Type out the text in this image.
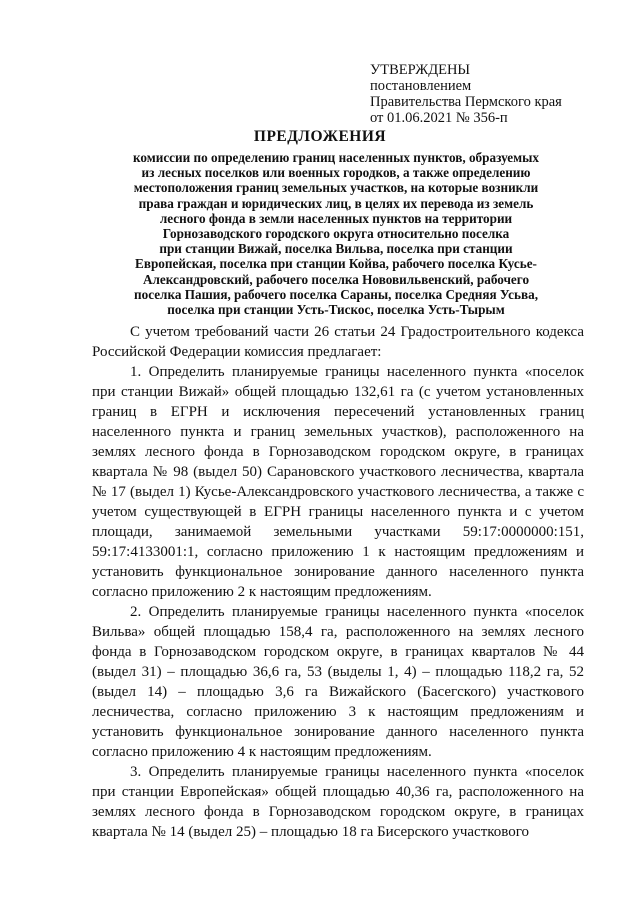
УТВЕРЖДЕНЫ
постановлением
Правительства Пермского края
от 01.06.2021 № 356-п
ПРЕДЛОЖЕНИЯ
комиссии по определению границ населенных пунктов, образуемых
из лесных поселков или военных городков, а также определению
местоположения границ земельных участков, на которые возникли
права граждан и юридических лиц, в целях их перевода из земель
лесного фонда в земли населенных пунктов на территории
Горнозаводского городского округа относительно поселка
при станции Вижай, поселка Вильва, поселка при станции
Европейская, поселка при станции Койва, рабочего поселка Кусье-
Александровский, рабочего поселка Нововильвенский, рабочего
поселка Пашия, рабочего поселка Сараны, поселка Средняя Усьва,
поселка при станции Усть-Тискос, поселка Усть-Тырым

С учетом требований части 26 статьи 24 Градостроительного кодекса Российской Федерации комиссия предлагает:

1. Определить планируемые границы населенного пункта «поселок при станции Вижай» общей площадью 132,61 га (с учетом установленных границ в ЕГРН и исключения пересечений установленных границ населенного пункта и границ земельных участков), расположенного на землях лесного фонда в Горнозаводском городском округе, в границах квартала № 98 (выдел 50) Сарановского участкового лесничества, квартала № 17 (выдел 1) Кусье-Александровского участкового лесничества, а также с учетом существующей в ЕГРН границы населенного пункта и с учетом площади, занимаемой земельными участками 59:17:0000000:151, 59:17:4133001:1, согласно приложению 1 к настоящим предложениям и установить функциональное зонирование данного населенного пункта согласно приложению 2 к настоящим предложениям.

2. Определить планируемые границы населенного пункта «поселок Вильва» общей площадью 158,4 га, расположенного на землях лесного фонда в Горнозаводском городском округе, в границах кварталов № 44 (выдел 31) – площадью 36,6 га, 53 (выделы 1, 4) – площадью 118,2 га, 52 (выдел 14) – площадью 3,6 га Вижайского (Басегского) участкового лесничества, согласно приложению 3 к настоящим предложениям и установить функциональное зонирование данного населенного пункта согласно приложению 4 к настоящим предложениям.

3. Определить планируемые границы населенного пункта «поселок при станции Европейская» общей площадью 40,36 га, расположенного на землях лесного фонда в Горнозаводском городском округе, в границах квартала № 14 (выдел 25) – площадью 18 га Бисерского участкового
